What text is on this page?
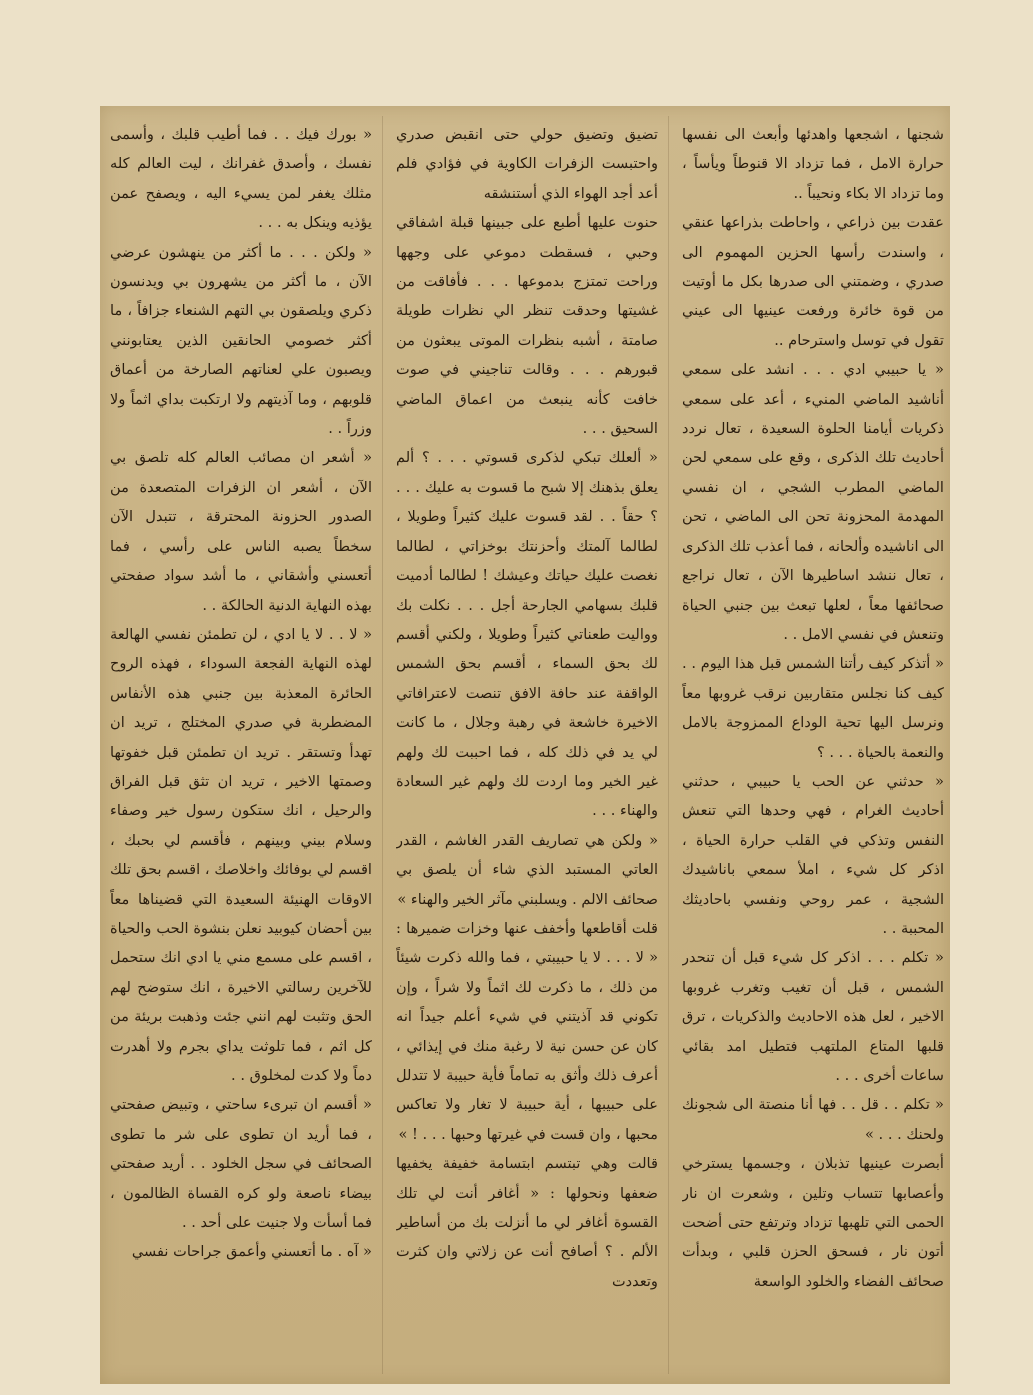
شجنها ، اشجعها واهدئها وأبعث الى نفسها حرارة الامل ، فما تزداد الا قنوطاً ويأساً ، وما تزداد الا بكاء ونحيباً ..

عقدت بين ذراعي ، واحاطت بذراعها عنقي ، واسندت رأسها الحزين المهموم الى صدري ، وضمتني الى صدرها بكل ما أوتيت من قوة خائرة ورفعت عينيها الى عيني تقول في توسل واسترحام ..

« يا حبيبي ادي . . . انشد على سمعي أناشيد الماضي المنيء ، أعد على سمعي ذكريات أيامنا الحلوة السعيدة ، تعال نردد أحاديث تلك الذكرى ، وقع على سمعي لحن الماضي المطرب الشجي ، ان نفسي المهدمة المحزونة تحن الى الماضي ، تحن الى اناشيده وألحانه ، فما أعذب تلك الذكرى ، تعال ننشد اساطيرها الآن ، تعال نراجع صحائفها معاً ، لعلها تبعث بين جنبي الحياة وتنعش في نفسي الامل . .

« أتذكر كيف رأتنا الشمس قبل هذا اليوم . . كيف كنا نجلس متقاربين نرقب غروبها معاً ونرسل اليها تحية الوداع الممزوجة بالامل والنعمة بالحياة . . . ؟

« حدثني عن الحب يا حبيبي ، حدثني أحاديث الغرام ، فهي وحدها التي تنعش النفس وتذكي في القلب حرارة الحياة ، اذكر كل شيء ، املأ سمعي باناشيدك الشجية ، عمر روحي ونفسي باحاديثك المحببة . .

« تكلم . . . اذكر كل شيء قبل أن تنحدر الشمس ، قبل أن تغيب وتغرب غروبها الاخير ، لعل هذه الاحاديث والذكريات ، ترق قلبها المتاع الملتهب فتطيل امد بقائي ساعات أخرى . . .

« تكلم . . قل . . فها أنا منصتة الى شجونك ولحنك . . . »

أبصرت عينيها تذبلان ، وجسمها يسترخي وأعصابها تتساب وتلين ، وشعرت ان نار الحمى التي تلهبها تزداد وترتفع حتى أضحت أتون نار ، فسحق الحزن قلبي ، وبدأت صحائف الفضاء والخلود الواسعة

تضيق وتضيق حولي حتى انقبض صدري واحتبست الزفرات الكاوية في فؤادي فلم أعد أجد الهواء الذي أستنشقه

حنوت عليها أطبع على جبينها قبلة اشفاقي وحبي ، فسقطت دموعي على وجهها وراحت تمتزج بدموعها . . . فأفاقت من غشيتها وحدقت تنظر الي نظرات طويلة صامتة ، أشبه بنظرات الموتى يبعثون من قبورهم . . . وقالت تناجيني في صوت خافت كأنه ينبعث من اعماق الماضي السحيق . . .

« ألعلك تبكي لذكرى قسوتي . . . ؟ ألم يعلق بذهنك إلا شبح ما قسوت به عليك . . . ؟ حقاً . . لقد قسوت عليك كثيراً وطويلا ، لطالما آلمتك وأحزنتك بوخزاتي ، لطالما نغصت عليك حياتك وعيشك ! لطالما أدميت قلبك بسهامي الجارحة أجل . . . نكلت بك وواليت طعناتي كثيراً وطويلا ، ولكني أقسم لك بحق السماء ، أقسم بحق الشمس الواقفة عند حافة الافق تنصت لاعترافاتي الاخيرة خاشعة في رهبة وجلال ، ما كانت لي يد في ذلك كله ، فما احببت لك ولهم غير الخير وما اردت لك ولهم غير السعادة والهناء . . .

« ولكن هي تصاريف القدر الغاشم ، القدر العاتي المستبد الذي شاء أن يلصق بي صحائف الالم . ويسلبني مآثر الخير والهناء »

قلت أقاطعها وأخفف عنها وخزات ضميرها : « لا . . . لا يا حبيبتي ، فما والله ذكرت شيئاً من ذلك ، ما ذكرت لك اثماً ولا شراً ، وإن تكوني قد آذيتني في شيء أعلم جيداً انه كان عن حسن نية لا رغبة منك في إيذائي ، أعرف ذلك وأثق به تماماً فأية حبيبة لا تتدلل على حبيبها ، أية حبيبة لا تغار ولا تعاكس محبها ، وان قست في غيرتها وحبها . . . ! »

قالت وهي تبتسم ابتسامة خفيفة يخفيها ضعفها ونحولها : « أغافر أنت لي تلك القسوة أغافر لي ما أنزلت بك من أساطير الألم . ؟ أصافح أنت عن زلاتي وان كثرت وتعددت

« بورك فيك . . فما أطيب قلبك ، وأسمى نفسك ، وأصدق غفرانك ، ليت العالم كله مثلك يغفر لمن يسيء اليه ، ويصفح عمن يؤذيه وينكل به . . .

« ولكن . . . ما أكثر من ينهشون عرضي الآن ، ما أكثر من يشهرون بي ويدنسون ذكري ويلصقون بي التهم الشنعاء جزافاً ، ما أكثر خصومي الحانقين الذين يعتابونني ويصبون علي لعناتهم الصارخة من أعماق قلوبهم ، وما آذيتهم ولا ارتكبت بداي اثماً ولا وزراً . .

« أشعر ان مصائب العالم كله تلصق بي الآن ، أشعر ان الزفرات المتصعدة من الصدور الحزونة المحترقة ، تتبدل الآن سخطاً يصبه الناس على رأسي ، فما أتعسني وأشقاني ، ما أشد سواد صفحتي بهذه النهاية الدنية الحالكة . .

« لا . . لا يا ادي ، لن تطمئن نفسي الهالعة لهذه النهاية الفجعة السوداء ، فهذه الروح الحائرة المعذبة بين جنبي هذه الأنفاس المضطربة في صدري المختلج ، تريد ان تهدأ وتستقر . تريد ان تطمئن قبل خفوتها وصمتها الاخير ، تريد ان تثق قبل الفراق والرحيل ، انك ستكون رسول خير وصفاء وسلام بيني وبينهم ، فأقسم لي بحبك ، اقسم لي بوفائك واخلاصك ، اقسم بحق تلك الاوقات الهنيئة السعيدة التي قضيناها معاً بين أحضان كيوبيد نعلن بنشوة الحب والحياة ، اقسم على مسمع مني يا ادي انك ستحمل للآخرين رسالتي الاخيرة ، انك ستوضح لهم الحق وتثبت لهم انني جئت وذهبت بريئة من كل اثم ، فما تلوثت يداي بجرم ولا أهدرت دماً ولا كدت لمخلوق . .

« أقسم ان تبرىء ساحتي ، وتبيض صفحتي ، فما أريد ان تطوى على شر ما تطوى الصحائف في سجل الخلود . . أريد صفحتي بيضاء ناصعة ولو كره القساة الظالمون ، فما أسأت ولا جنيت على أحد . .

« آه . ما أتعسني وأعمق جراحات نفسي
